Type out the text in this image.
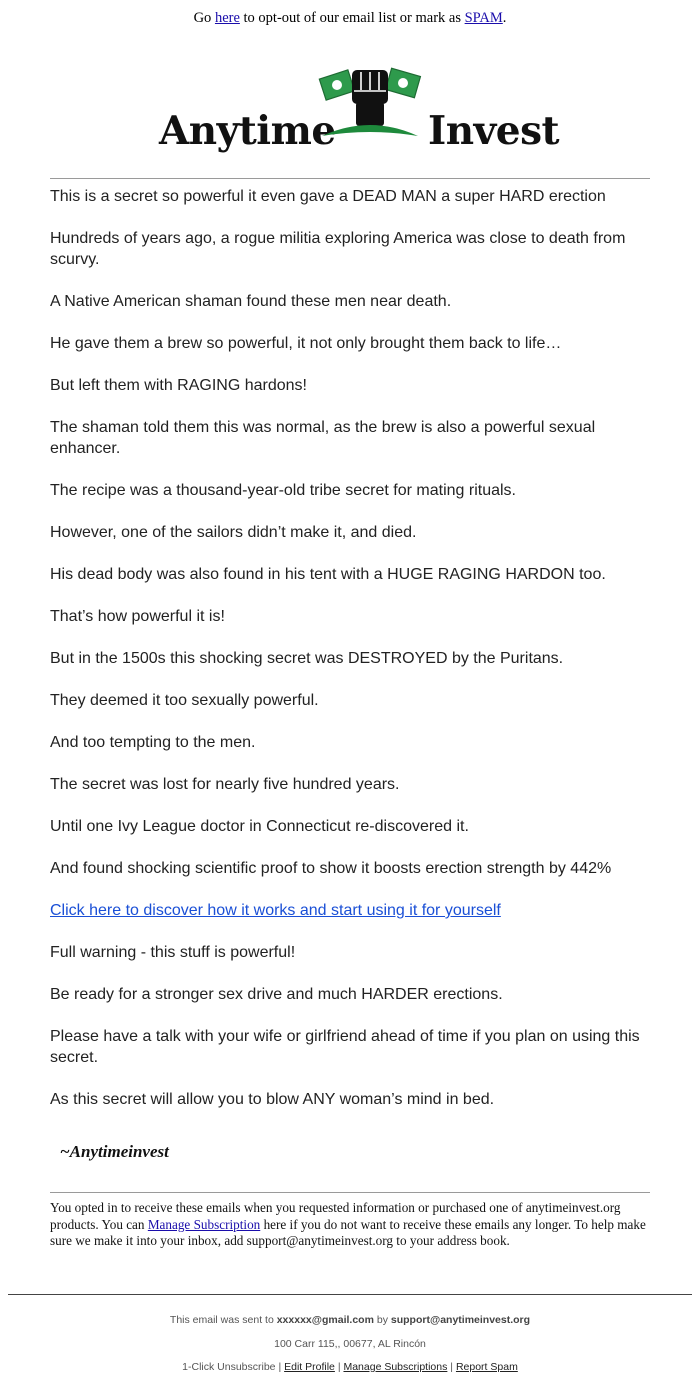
Go here to opt-out of our email list or mark as SPAM.
Anytime Invest

This is a secret so powerful it even gave a DEAD MAN a super HARD erection

Hundreds of years ago, a rogue militia exploring America was close to death from scurvy.

A Native American shaman found these men near death.

He gave them a brew so powerful, it not only brought them back to life…

But left them with RAGING hardons!

The shaman told them this was normal, as the brew is also a powerful sexual enhancer.

The recipe was a thousand-year-old tribe secret for mating rituals.

However, one of the sailors didn’t make it, and died.

His dead body was also found in his tent with a HUGE RAGING HARDON too.

That’s how powerful it is!

But in the 1500s this shocking secret was DESTROYED by the Puritans.

They deemed it too sexually powerful.

And too tempting to the men.

The secret was lost for nearly five hundred years.

Until one Ivy League doctor in Connecticut re-discovered it.

And found shocking scientific proof to show it boosts erection strength by 442%

Click here to discover how it works and start using it for yourself

Full warning - this stuff is powerful!

Be ready for a stronger sex drive and much HARDER erections.

Please have a talk with your wife or girlfriend ahead of time if you plan on using this secret.

As this secret will allow you to blow ANY woman’s mind in bed.

~Anytimeinvest
You opted in to receive these emails when you requested information or purchased one of anytimeinvest.org products. You can Manage Subscription here if you do not want to receive these emails any longer. To help make sure we make it into your inbox, add support@anytimeinvest.org to your address book.
This email was sent to xxxxxx@gmail.com by support@anytimeinvest.org
100 Carr 115,, 00677, AL Rincón
1-Click Unsubscribe | Edit Profile | Manage Subscriptions | Report Spam
